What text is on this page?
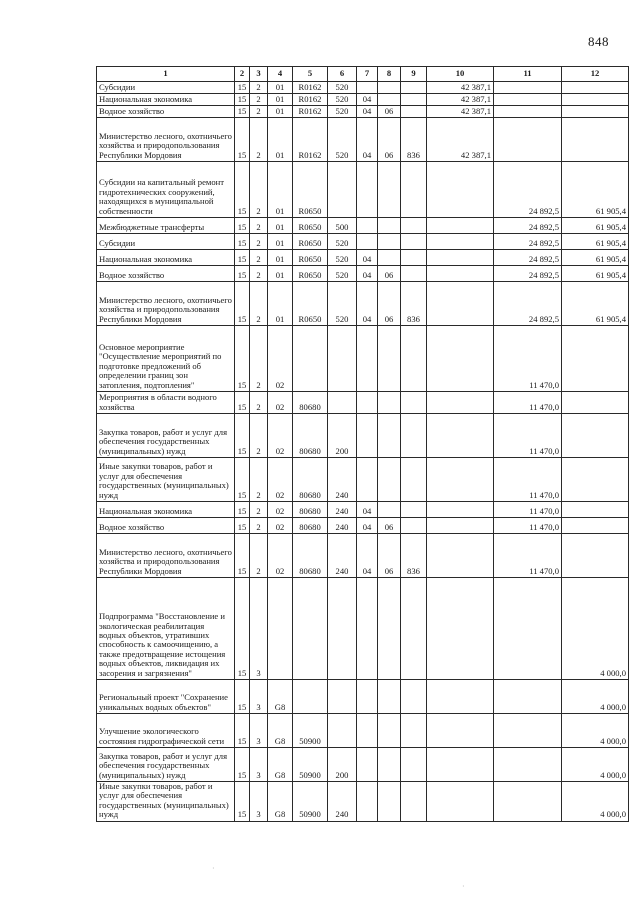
848
1	2	3	4	5	6	7	8	9	10	11	12
Субсидии	15	2	01	R0162	520				42 387,1		
Национальная экономика	15	2	01	R0162	520	04			42 387,1		
Водное хозяйство	15	2	01	R0162	520	04	06		42 387,1		
Министерство лесного, охотничьего хозяйства и природопользования Республики Мордовия	15	2	01	R0162	520	04	06	836	42 387,1		
Субсидии на капитальный ремонт гидротехнических сооружений, находящихся в муниципальной собственности	15	2	01	R0650						24 892,5	61 905,4
Межбюджетные трансферты	15	2	01	R0650	500					24 892,5	61 905,4
Субсидии	15	2	01	R0650	520					24 892,5	61 905,4
Национальная экономика	15	2	01	R0650	520	04				24 892,5	61 905,4
Водное хозяйство	15	2	01	R0650	520	04	06			24 892,5	61 905,4
Министерство лесного, охотничьего хозяйства и природопользования Республики Мордовия	15	2	01	R0650	520	04	06	836		24 892,5	61 905,4
Основное мероприятие "Осуществление мероприятий по подготовке предложений об определении границ зон затопления, подтопления"	15	2	02							11 470,0	
Мероприятия в области водного хозяйства	15	2	02	80680						11 470,0	
Закупка товаров, работ и услуг для обеспечения государственных (муниципальных) нужд	15	2	02	80680	200					11 470,0	
Иные закупки товаров, работ и услуг для обеспечения государственных (муниципальных) нужд	15	2	02	80680	240					11 470,0	
Национальная экономика	15	2	02	80680	240	04				11 470,0	
Водное хозяйство	15	2	02	80680	240	04	06			11 470,0	
Министерство лесного, охотничьего хозяйства и природопользования Республики Мордовия	15	2	02	80680	240	04	06	836		11 470,0	
Подпрограмма "Восстановление и экологическая реабилитация водных объектов, утративших способность к самоочищению, а также предотвращение истощения водных объектов, ликвидация их засорения и загрязнения"	15	3									4 000,0
Региональный проект "Сохранение уникальных водных объектов"	15	3	G8								4 000,0
Улучшение экологического состояния гидрографической сети	15	3	G8	50900							4 000,0
Закупка товаров, работ и услуг для обеспечения государственных (муниципальных) нужд	15	3	G8	50900	200						4 000,0
Иные закупки товаров, работ и услуг для обеспечения государственных (муниципальных) нужд	15	3	G8	50900	240						4 000,0
·
·
